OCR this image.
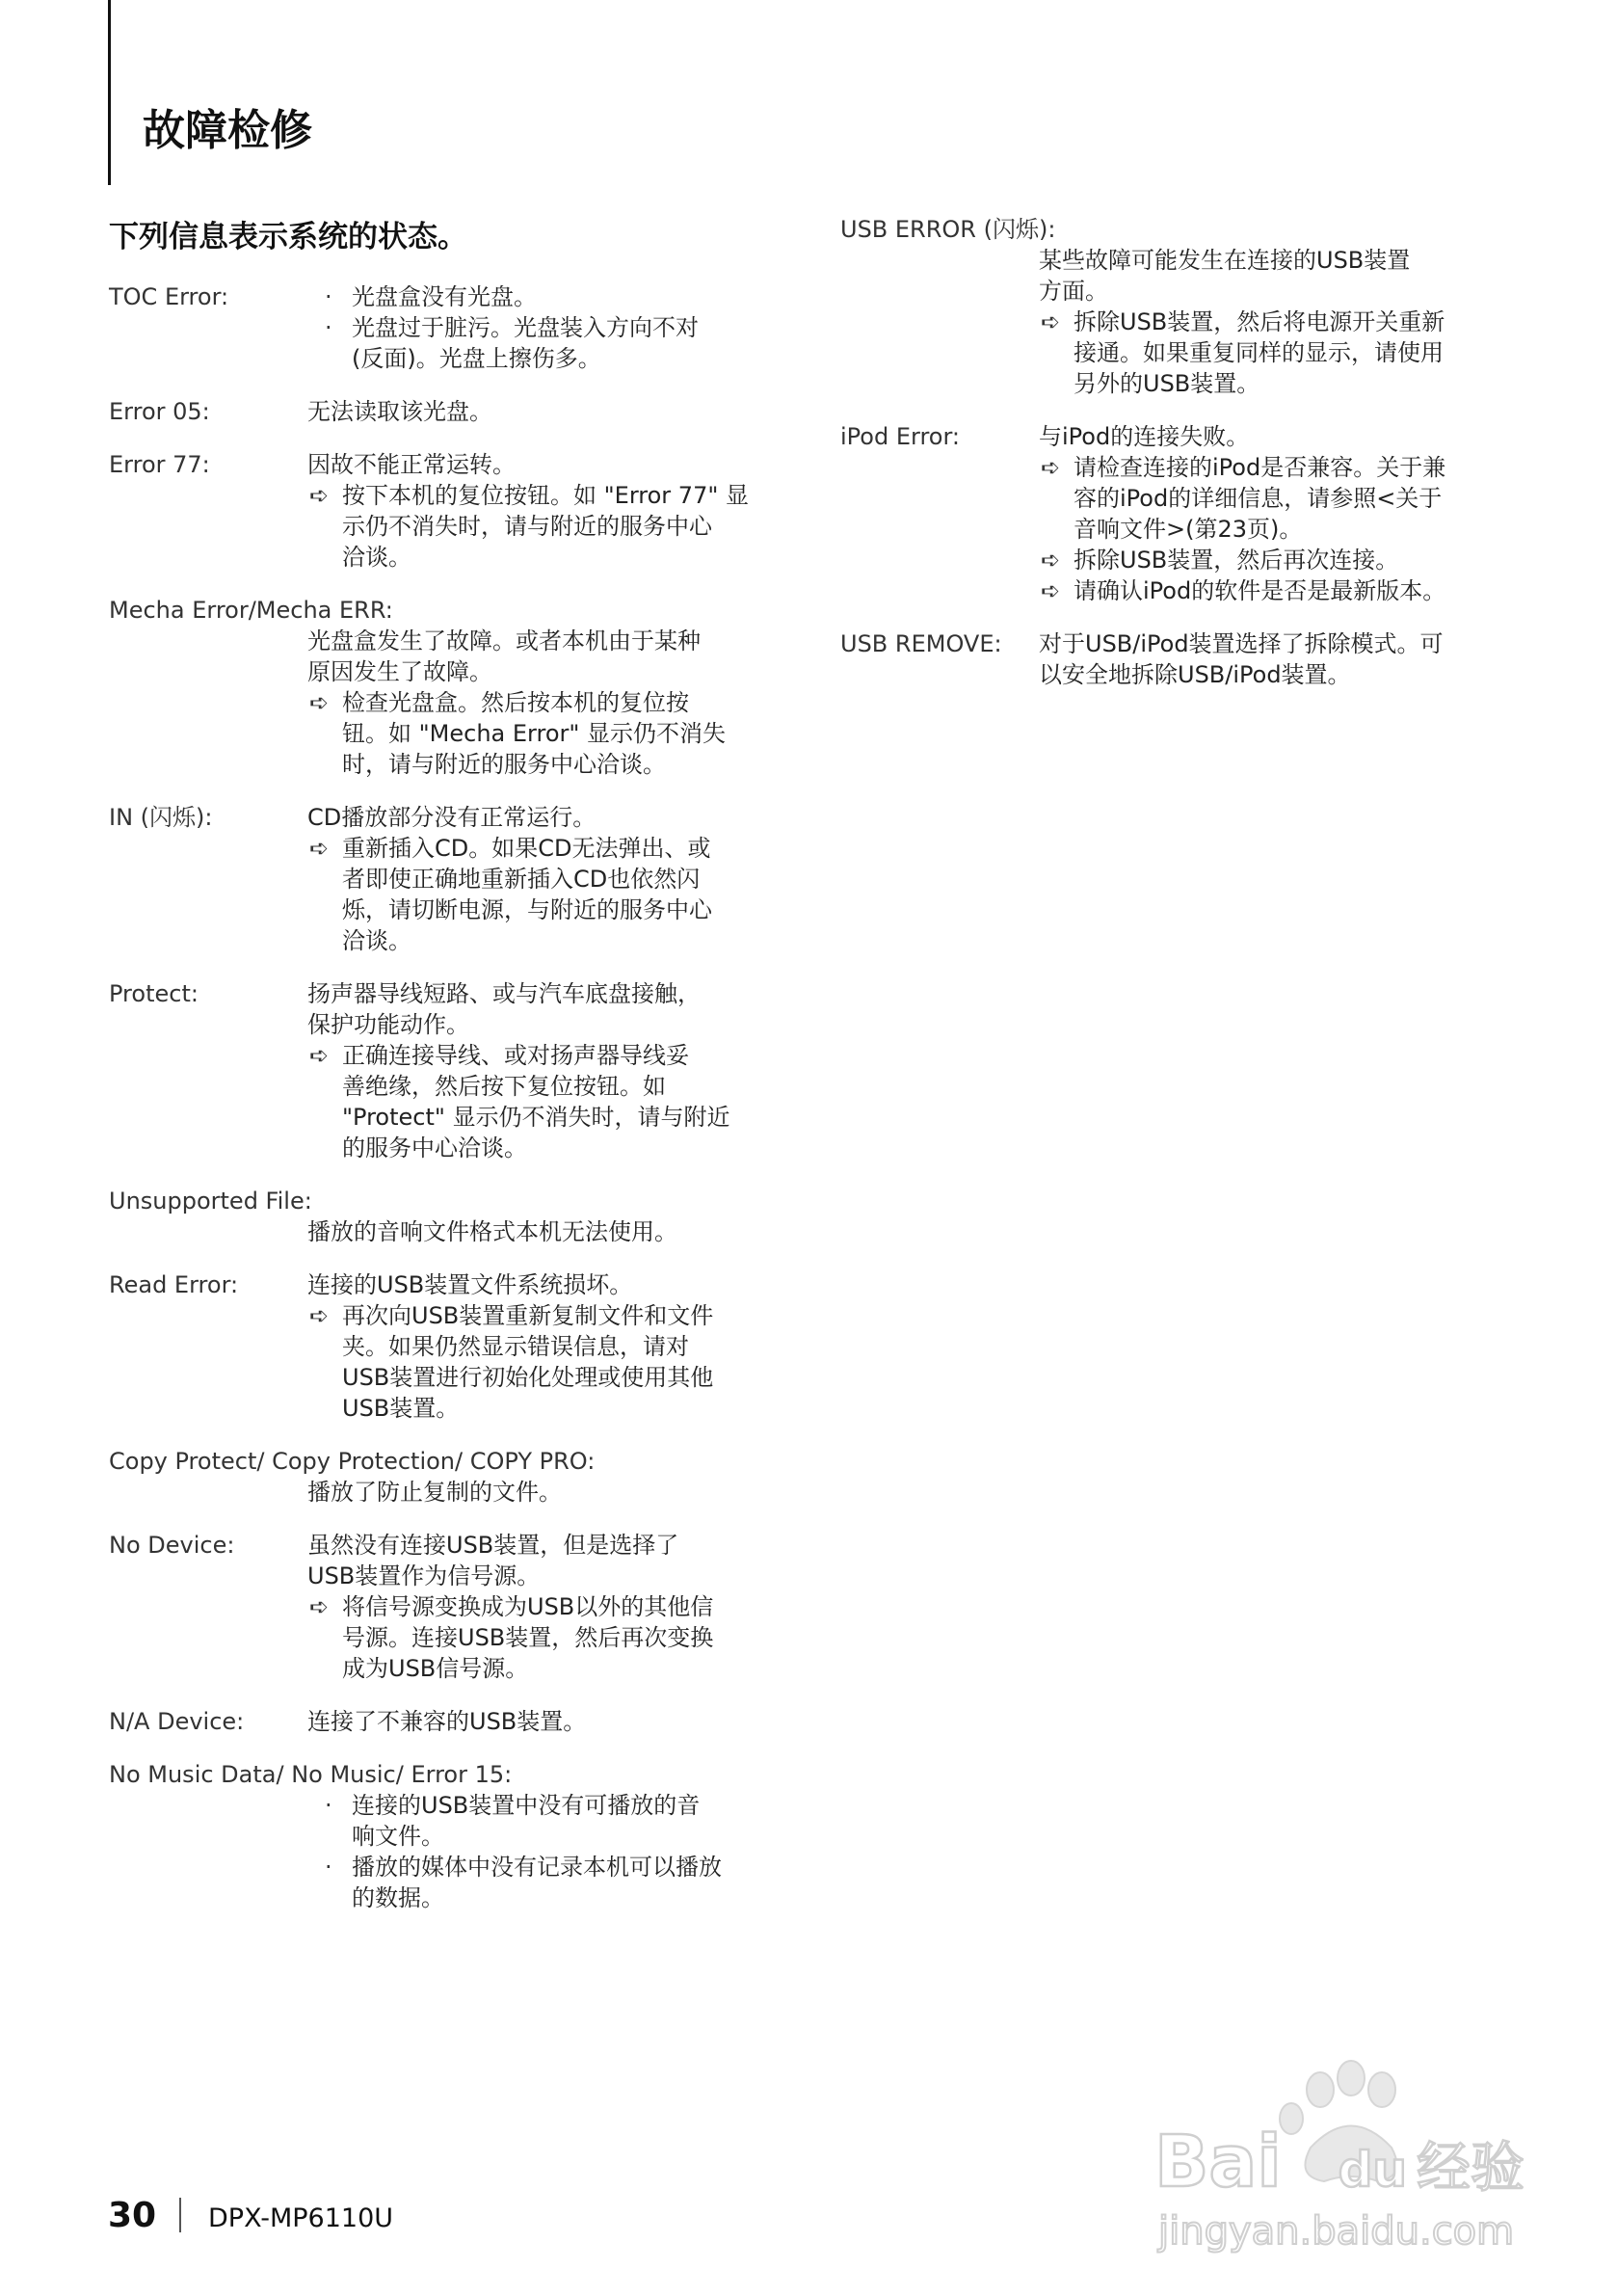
故障检修
下列信息表示系统的状态。
TOC Error:	· 光盘盒没有光盘。
· 光盘过于脏污。光盘装入方向不对
(反面)。光盘上擦伤多。
Error 05:	无法读取该光盘。
Error 77:	因故不能正常运转。
➪ 按下本机的复位按钮。如 "Error 77" 显
示仍不消失时，请与附近的服务中心
洽谈。
Mecha Error/Mecha ERR:
光盘盒发生了故障。或者本机由于某种
原因发生了故障。
➪ 检查光盘盒。然后按本机的复位按
钮。如 "Mecha Error" 显示仍不消失
时，请与附近的服务中心洽谈。
IN (闪烁):	CD播放部分没有正常运行。
➪ 重新插入CD。如果CD无法弹出、或
者即使正确地重新插入CD也依然闪
烁，请切断电源，与附近的服务中心
洽谈。
Protect:	扬声器导线短路、或与汽车底盘接触，
保护功能动作。
➪ 正确连接导线、或对扬声器导线妥
善绝缘，然后按下复位按钮。如
"Protect" 显示仍不消失时，请与附近
的服务中心洽谈。
Unsupported File:
播放的音响文件格式本机无法使用。
Read Error:	连接的USB装置文件系统损坏。
➪ 再次向USB装置重新复制文件和文件
夹。如果仍然显示错误信息，请对
USB装置进行初始化处理或使用其他
USB装置。
Copy Protect/ Copy Protection/ COPY PRO:
播放了防止复制的文件。
No Device:	虽然没有连接USB装置，但是选择了
USB装置作为信号源。
➪ 将信号源变换成为USB以外的其他信
号源。连接USB装置，然后再次变换
成为USB信号源。
N/A Device:	连接了不兼容的USB装置。
No Music Data/ No Music/ Error 15:
· 连接的USB装置中没有可播放的音
响文件。
· 播放的媒体中没有记录本机可以播放
的数据。
USB ERROR (闪烁):
某些故障可能发生在连接的USB装置
方面。
➪ 拆除USB装置，然后将电源开关重新
接通。如果重复同样的显示，请使用
另外的USB装置。
iPod Error:	与iPod的连接失败。
➪ 请检查连接的iPod是否兼容。关于兼
容的iPod的详细信息，请参照<关于
音响文件>(第23页)。
➪ 拆除USB装置，然后再次连接。
➪ 请确认iPod的软件是否是最新版本。
USB REMOVE: 对于USB/iPod装置选择了拆除模式。可
以安全地拆除USB/iPod装置。
30 DPX-MP6110U
Bai du 经验
jingyan.baidu.com
